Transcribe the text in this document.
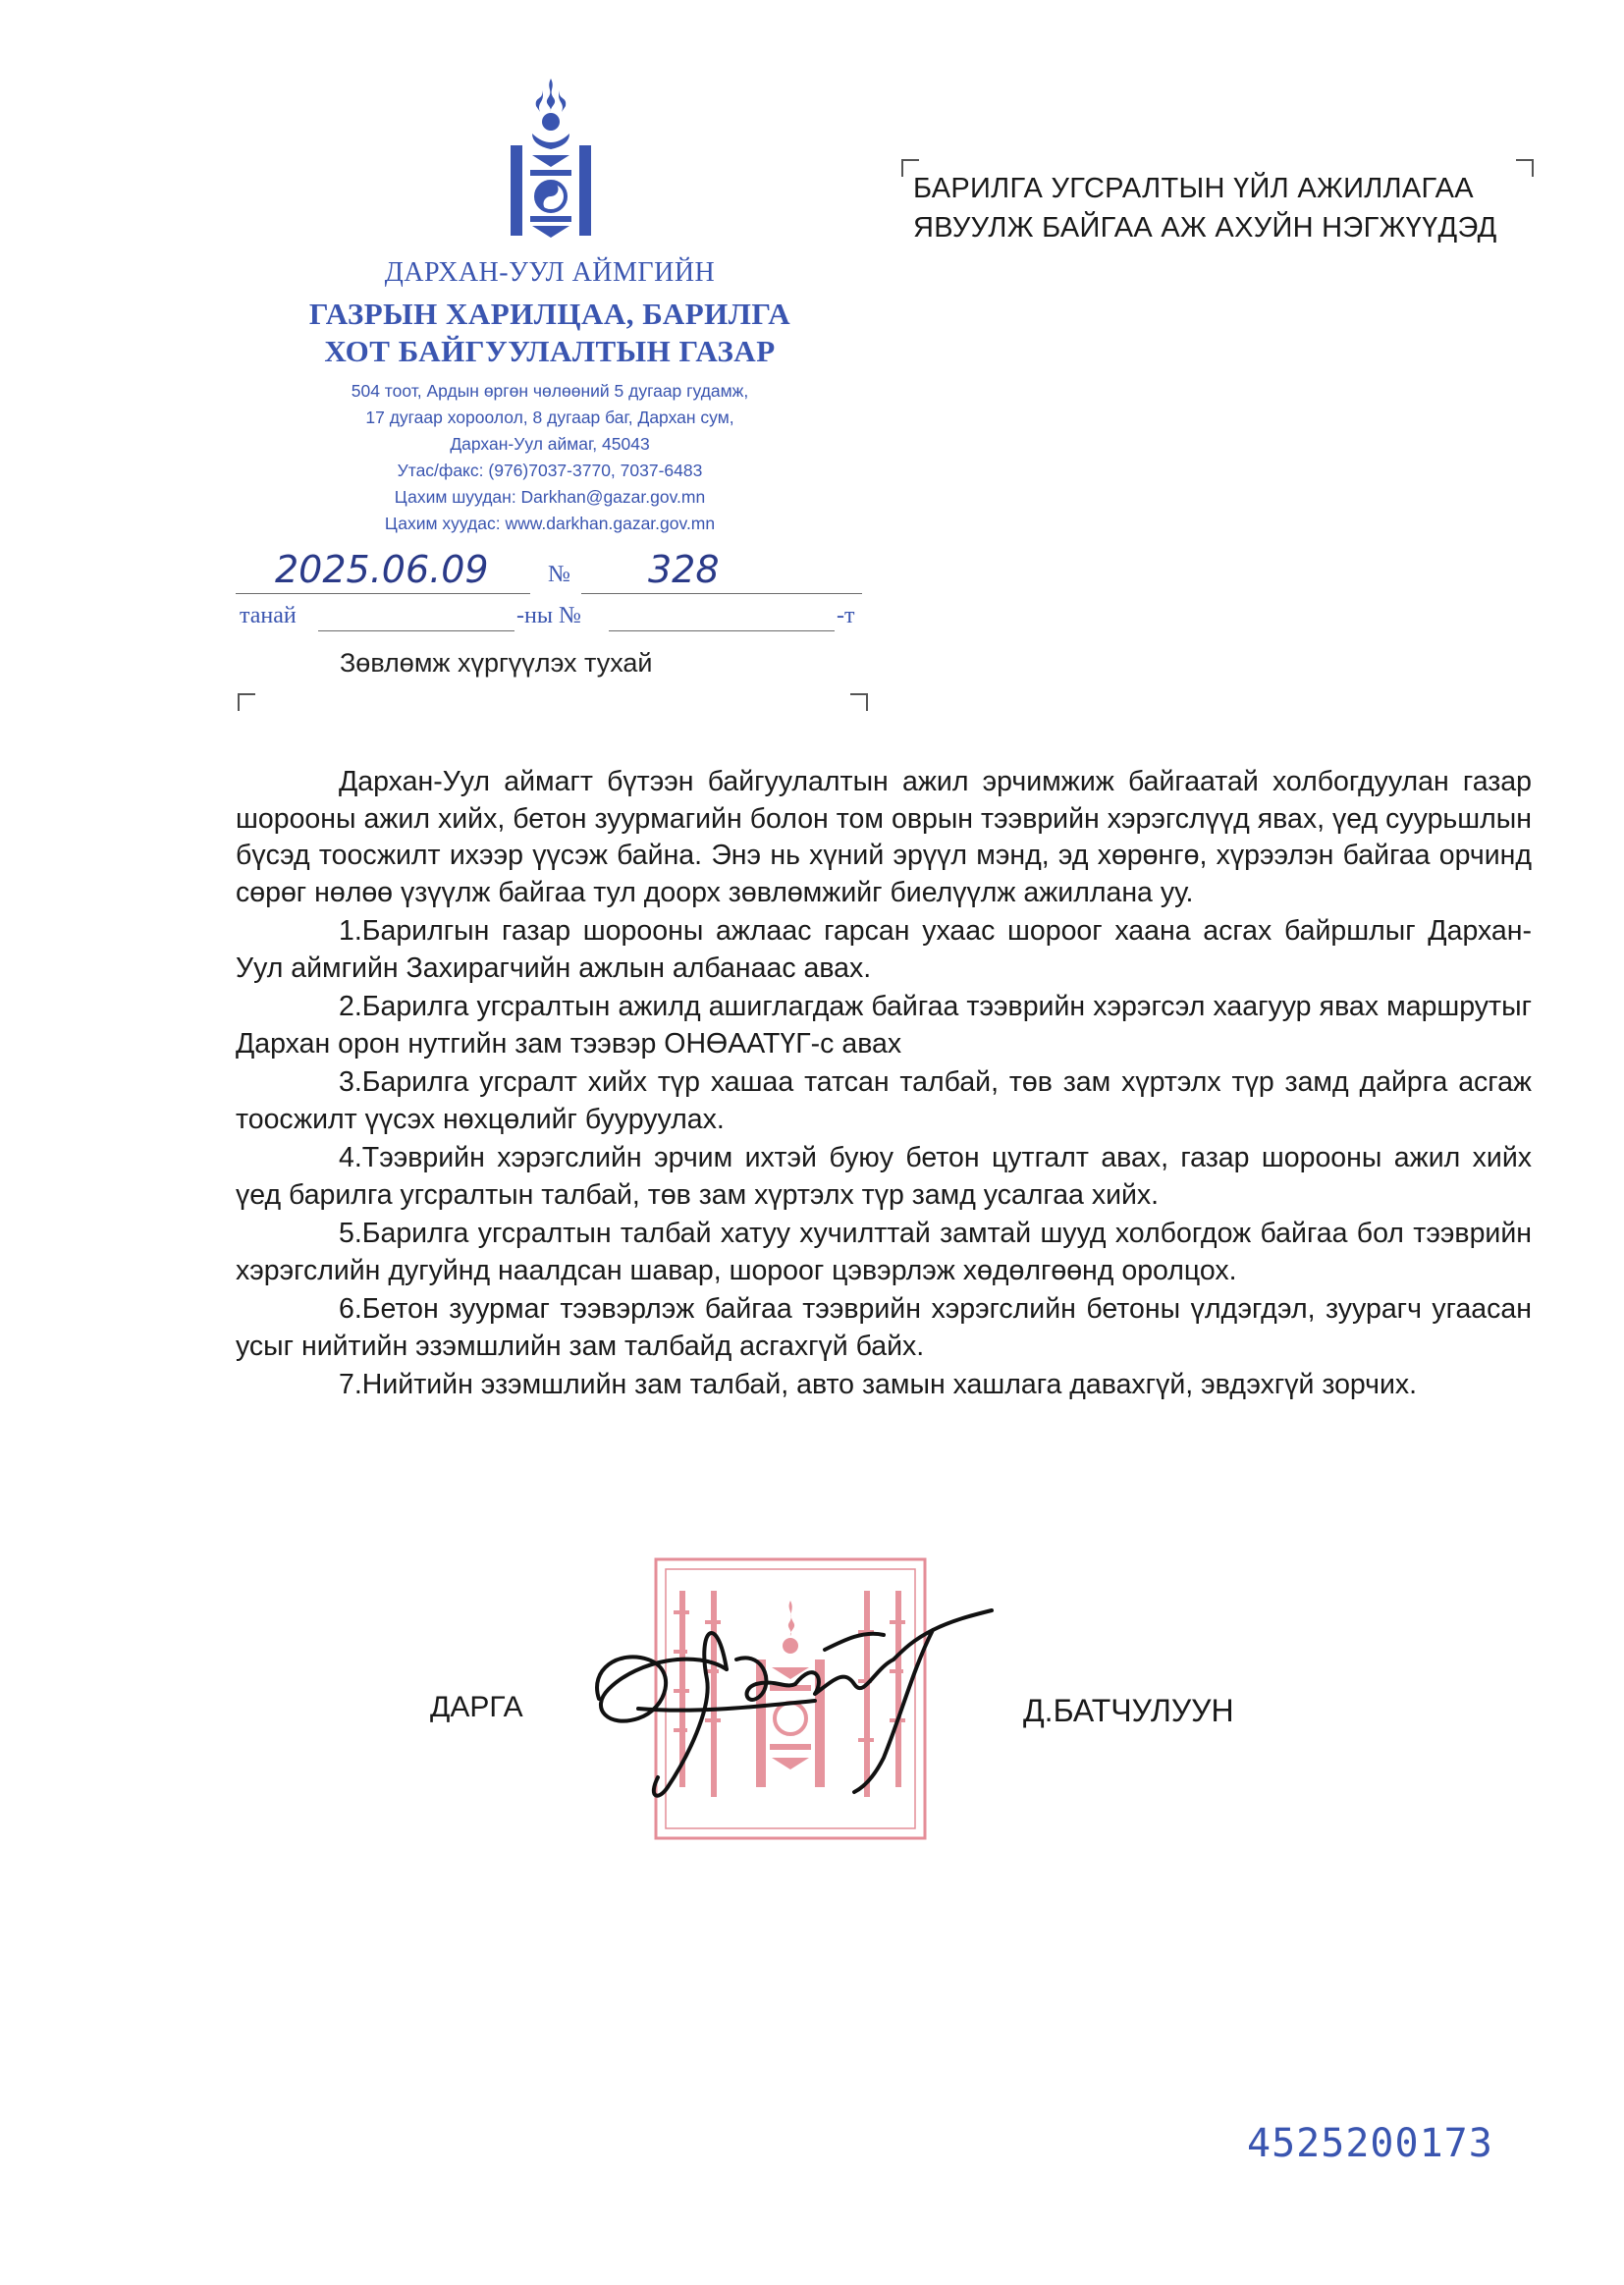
ДАРХАН-УУЛ АЙМГИЙН
ГАЗРЫН ХАРИЛЦАА, БАРИЛГА
ХОТ БАЙГУУЛАЛТЫН ГАЗАР
504 тоот, Ардын өргөн чөлөөний 5 дугаар гудамж,
17 дугаар хороолол, 8 дугаар баг, Дархан сум,
Дархан-Уул аймаг, 45043
Утас/факс: (976)7037-3770, 7037-6483
Цахим шуудан: Darkhan@gazar.gov.mn
Цахим хуудас: www.darkhan.gazar.gov.mn
2025.06.09	№ 328
танай	-ны №	-т
Зөвлөмж хүргүүлэх тухай
БАРИЛГА УГСРАЛТЫН ҮЙЛ АЖИЛЛАГАА
ЯВУУЛЖ БАЙГАА АЖ АХУЙН НЭГЖҮҮДЭД

Дархан-Уул аймагт бүтээн байгуулалтын ажил эрчимжиж байгаатай холбогдуулан газар шорооны ажил хийх, бетон зуурмагийн болон том оврын тээврийн хэрэгслүүд явах, үед суурьшлын бүсэд тоосжилт ихээр үүсэж байна. Энэ нь хүний эрүүл мэнд, эд хөрөнгө, хүрээлэн байгаа орчинд сөрөг нөлөө үзүүлж байгаа тул доорх зөвлөмжийг биелүүлж ажиллана уу.

1.Барилгын газар шорооны ажлаас гарсан ухаас шороог хаана асгах байршлыг Дархан-Уул аймгийн Захирагчийн ажлын албанаас авах.

2.Барилга угсралтын ажилд ашиглагдаж байгаа тээврийн хэрэгсэл хаагуур явах маршрутыг Дархан орон нутгийн зам тээвэр ОНӨААТҮГ-с авах

3.Барилга угсралт хийх түр хашаа татсан талбай, төв зам хүртэлх түр замд дайрга асгаж тоосжилт үүсэх нөхцөлийг бууруулах.

4.Тээврийн хэрэгслийн эрчим ихтэй буюу бетон цутгалт авах, газар шорооны ажил хийх үед барилга угсралтын талбай, төв зам хүртэлх түр замд усалгаа хийх.

5.Барилга угсралтын талбай хатуу хучилттай замтай шууд холбогдож байгаа бол тээврийн хэрэгслийн дугуйнд наалдсан шавар, шороог цэвэрлэж хөдөлгөөнд оролцох.

6.Бетон зуурмаг тээвэрлэж байгаа тээврийн хэрэгслийн бетоны үлдэгдэл, зуурагч угаасан усыг нийтийн эзэмшлийн зам талбайд асгахгүй байх.

7.Нийтийн эзэмшлийн зам талбай, авто замын хашлага давахгүй, эвдэхгүй зорчих.

ДАРГА	Д.БАТЧУЛУУН
4525200173
